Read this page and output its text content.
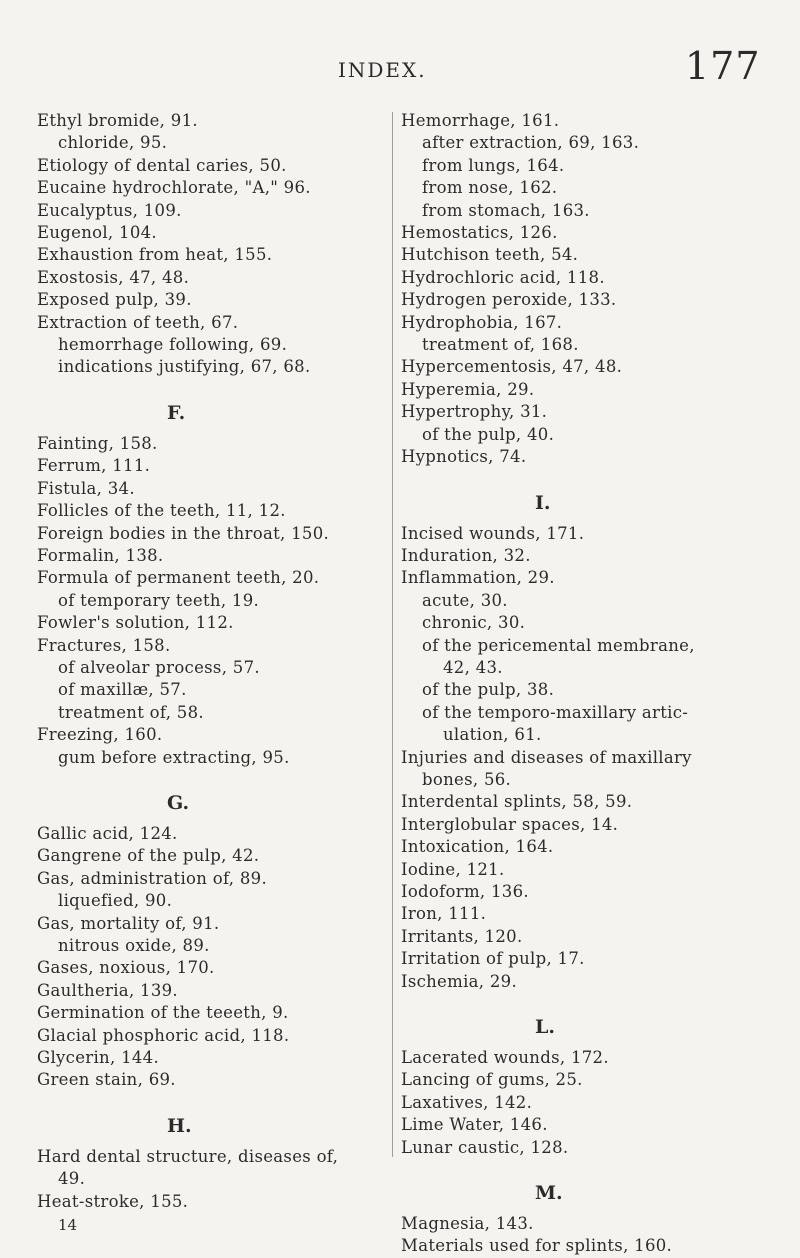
INDEX.	177
Ethyl bromide, 91.
chloride, 95.
Etiology of dental caries, 50.
Eucaine hydrochlorate, "A," 96.
Eucalyptus, 109.
Eugenol, 104.
Exhaustion from heat, 155.
Exostosis, 47, 48.
Exposed pulp, 39.
Extraction of teeth, 67.
hemorrhage following, 69.
indications justifying, 67, 68.
F.
Fainting, 158.
Ferrum, 111.
Fistula, 34.
Follicles of the teeth, 11, 12.
Foreign bodies in the throat, 150.
Formalin, 138.
Formula of permanent teeth, 20.
of temporary teeth, 19.
Fowler's solution, 112.
Fractures, 158.
of alveolar process, 57.
of maxillæ, 57.
treatment of, 58.
Freezing, 160.
gum before extracting, 95.
G.
Gallic acid, 124.
Gangrene of the pulp, 42.
Gas, administration of, 89.
liquefied, 90.
Gas, mortality of, 91.
nitrous oxide, 89.
Gases, noxious, 170.
Gaultheria, 139.
Germination of the teeeth, 9.
Glacial phosphoric acid, 118.
Glycerin, 144.
Green stain, 69.
H.
Hard dental structure, diseases of,
49.
Heat-stroke, 155.
14
Hemorrhage, 161.
after extraction, 69, 163.
from lungs, 164.
from nose, 162.
from stomach, 163.
Hemostatics, 126.
Hutchison teeth, 54.
Hydrochloric acid, 118.
Hydrogen peroxide, 133.
Hydrophobia, 167.
treatment of, 168.
Hypercementosis, 47, 48.
Hyperemia, 29.
Hypertrophy, 31.
of the pulp, 40.
Hypnotics, 74.
I.
Incised wounds, 171.
Induration, 32.
Inflammation, 29.
acute, 30.
chronic, 30.
of the pericemental membrane,
42, 43.
of the pulp, 38.
of the temporo-maxillary artic-
ulation, 61.
Injuries and diseases of maxillary
bones, 56.
Interdental splints, 58, 59.
Interglobular spaces, 14.
Intoxication, 164.
Iodine, 121.
Iodoform, 136.
Iron, 111.
Irritants, 120.
Irritation of pulp, 17.
Ischemia, 29.
L.
Lacerated wounds, 172.
Lancing of gums, 25.
Laxatives, 142.
Lime Water, 146.
Lunar caustic, 128.
M.
Magnesia, 143.
Materials used for splints, 160.
